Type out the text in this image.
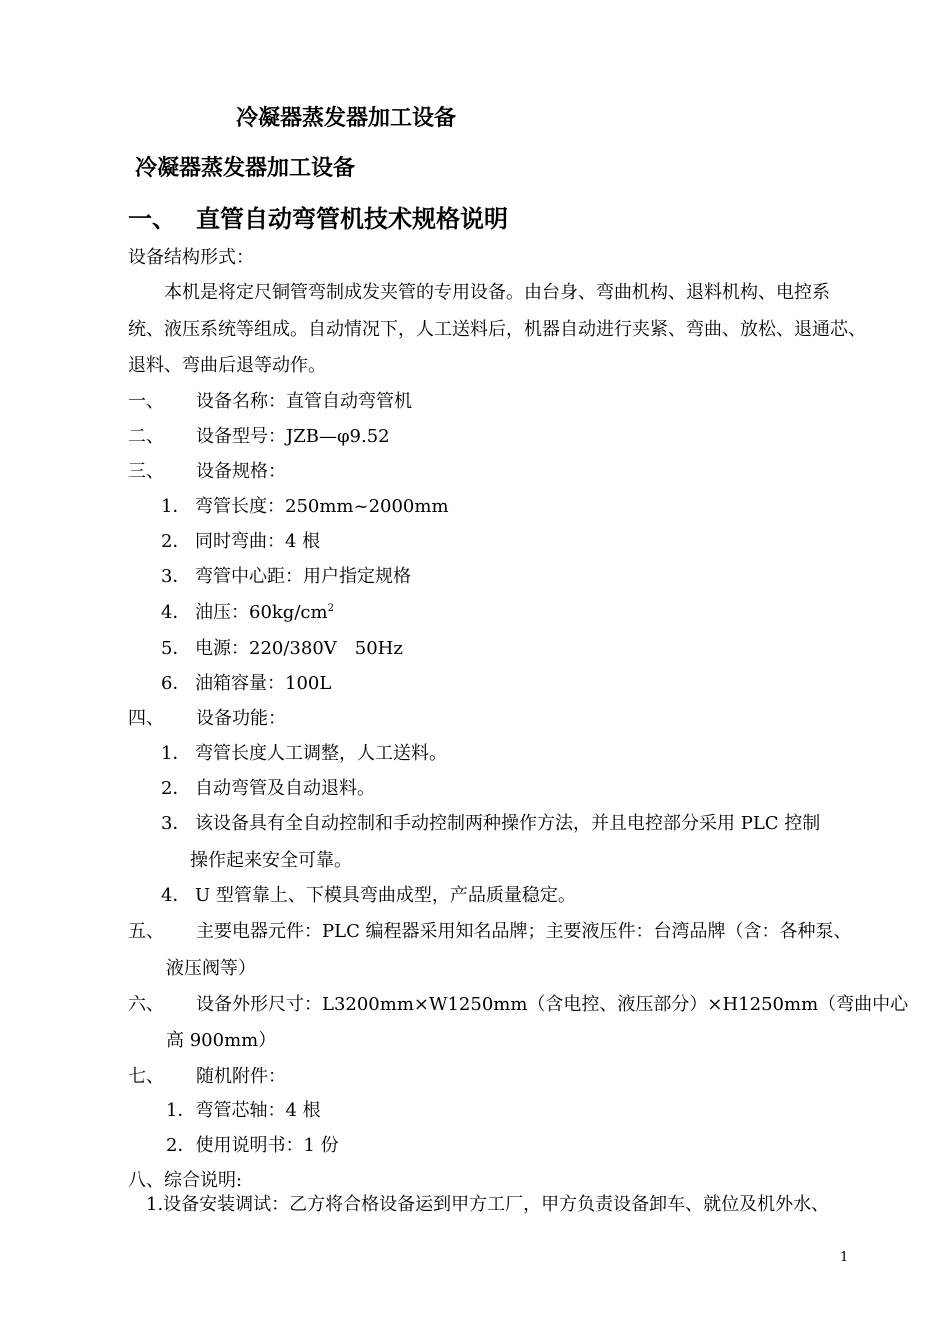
冷凝器蒸发器加工设备
冷凝器蒸发器加工设备
一、 直管自动弯管机技术规格说明
设备结构形式：
本机是将定尺铜管弯制成发夹管的专用设备。由台身、弯曲机构、退料机构、电控系
统、液压系统等组成。自动情况下，人工送料后，机器自动进行夹紧、弯曲、放松、退通芯、
退料、弯曲后退等动作。
一、 设备名称：直管自动弯管机
二、 设备型号：JZB—φ9.52
三、 设备规格：
1． 弯管长度：250mm~2000mm
2． 同时弯曲：4 根
3． 弯管中心距：用户指定规格
4． 油压：$60kg/cm^2$
5． 电源：220/380V　50Hz
6． 油箱容量：100L
四、 设备功能：
1． 弯管长度人工调整，人工送料。
2． 自动弯管及自动退料。
3． 该设备具有全自动控制和手动控制两种操作方法，并且电控部分采用 PLC 控制
操作起来安全可靠。
4． U 型管靠上、下模具弯曲成型，产品质量稳定。
五、 主要电器元件：PLC 编程器采用知名品牌；主要液压件：台湾品牌（含：各种泵、
液压阀等）
六、 设备外形尺寸：L3200mm×W1250mm（含电控、液压部分）×H1250mm（弯曲中心
高 900mm）
七、 随机附件：
1．弯管芯轴：4 根
2．使用说明书：1 份
八、综合说明:
1.设备安装调试：乙方将合格设备运到甲方工厂，甲方负责设备卸车、就位及机外水、
1
